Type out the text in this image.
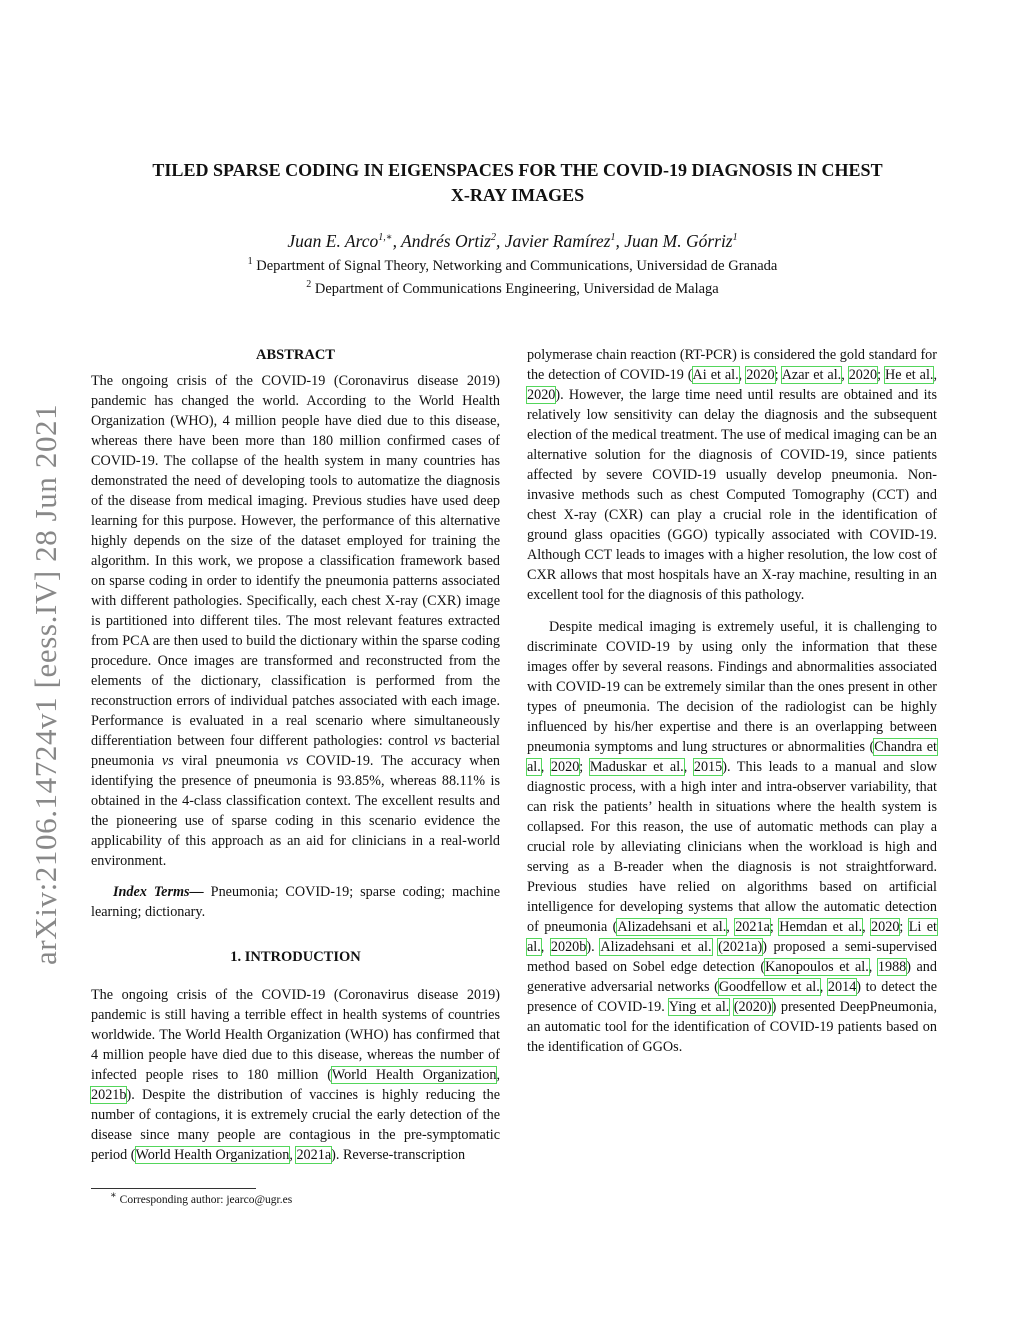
arXiv:2106.14724v1 [eess.IV] 28 Jun 2021
TILED SPARSE CODING IN EIGENSPACES FOR THE COVID-19 DIAGNOSIS IN CHEST
X-RAY IMAGES
Juan E. Arco$^{1,∗}$, Andrés Ortiz$^2$, Javier Ramírez$^1$, Juan M. Górriz$^1$
$^1$ Department of Signal Theory, Networking and Communications, Universidad de Granada
$^2$ Department of Communications Engineering, Universidad de Malaga
ABSTRACT

The ongoing crisis of the COVID-19 (Coronavirus disease 2019) pandemic has changed the world. According to the World Health Organization (WHO), 4 million people have died due to this disease, whereas there have been more than 180 million confirmed cases of COVID-19. The collapse of the health system in many countries has demonstrated the need of developing tools to automatize the diagnosis of the disease from medical imaging. Previous studies have used deep learning for this purpose. However, the performance of this alternative highly depends on the size of the dataset employed for training the algorithm. In this work, we propose a classification framework based on sparse coding in order to identify the pneumonia patterns associated with different pathologies. Specifically, each chest X-ray (CXR) image is partitioned into different tiles. The most relevant features extracted from PCA are then used to build the dictionary within the sparse coding procedure. Once images are transformed and reconstructed from the elements of the dictionary, classification is performed from the reconstruction errors of individual patches associated with each image. Performance is evaluated in a real scenario where simultaneously differentiation between four different pathologies: control vs bacterial pneumonia vs viral pneumonia vs COVID-19. The accuracy when identifying the presence of pneumonia is 93.85%, whereas 88.11% is obtained in the 4-class classification context. The excellent results and the pioneering use of sparse coding in this scenario evidence the applicability of this approach as an aid for clinicians in a real-world environment.

Index Terms— Pneumonia; COVID-19; sparse coding; machine learning; dictionary.

1. INTRODUCTION

The ongoing crisis of the COVID-19 (Coronavirus disease 2019) pandemic is still having a terrible effect in health systems of countries worldwide. The World Health Organization (WHO) has confirmed that 4 million people have died due to this disease, whereas the number of infected people rises to 180 million (World Health Organization, 2021b). Despite the distribution of vaccines is highly reducing the number of contagions, it is extremely crucial the early detection of the disease since many people are contagious in the pre-symptomatic period (World Health Organization, 2021a). Reverse-transcription

polymerase chain reaction (RT-PCR) is considered the gold standard for the detection of COVID-19 (Ai et al., 2020; Azar et al., 2020; He et al., 2020). However, the large time need until results are obtained and its relatively low sensitivity can delay the diagnosis and the subsequent election of the medical treatment. The use of medical imaging can be an alternative solution for the diagnosis of COVID-19, since patients affected by severe COVID-19 usually develop pneumonia. Non-invasive methods such as chest Computed Tomography (CCT) and chest X-ray (CXR) can play a crucial role in the identification of ground glass opacities (GGO) typically associated with COVID-19. Although CCT leads to images with a higher resolution, the low cost of CXR allows that most hospitals have an X-ray machine, resulting in an excellent tool for the diagnosis of this pathology.

Despite medical imaging is extremely useful, it is challenging to discriminate COVID-19 by using only the information that these images offer by several reasons. Findings and abnormalities associated with COVID-19 can be extremely similar than the ones present in other types of pneumonia. The decision of the radiologist can be highly influenced by his/her expertise and there is an overlapping between pneumonia symptoms and lung structures or abnormalities (Chandra et al., 2020; Maduskar et al., 2015). This leads to a manual and slow diagnostic process, with a high inter and intra-observer variability, that can risk the patients’ health in situations where the health system is collapsed. For this reason, the use of automatic methods can play a crucial role by alleviating clinicians when the workload is high and serving as a B-reader when the diagnosis is not straightforward. Previous studies have relied on algorithms based on artificial intelligence for developing systems that allow the automatic detection of pneumonia (Alizadehsani et al., 2021a; Hemdan et al., 2020; Li et al., 2020b). Alizadehsani et al. (2021a)) proposed a semi-supervised method based on Sobel edge detection (Kanopoulos et al., 1988) and generative adversarial networks (Goodfellow et al., 2014) to detect the presence of COVID-19. Ying et al. (2020)) presented DeepPneumonia, an automatic tool for the identification of COVID-19 patients based on the identification of GGOs.

∗ Corresponding author: jearco@ugr.es
